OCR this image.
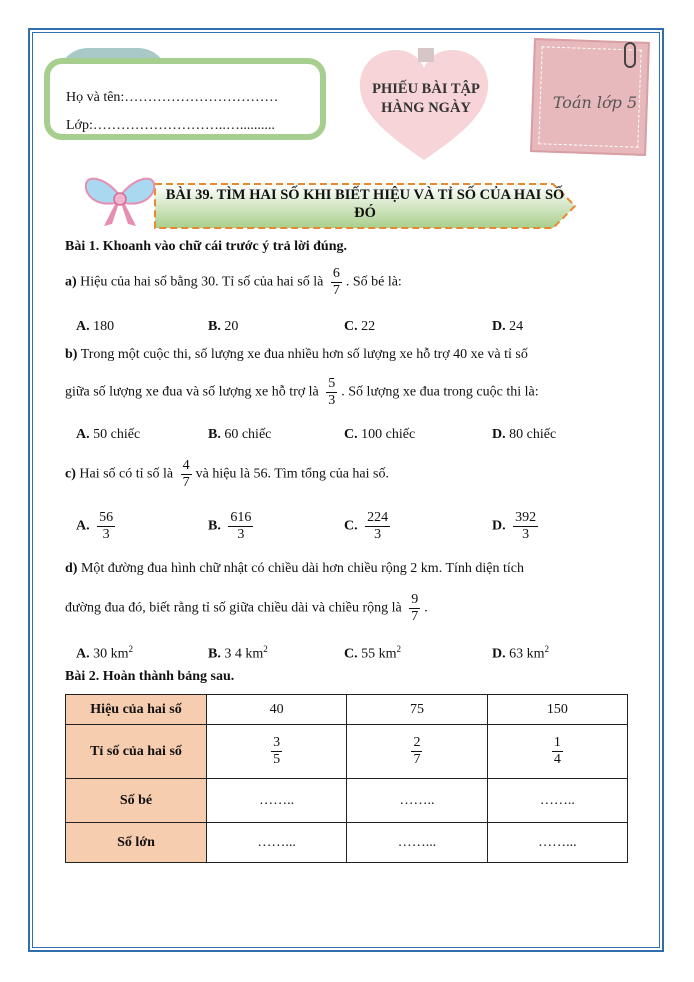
Họ và tên:……………………………
Lớp:………………………..…..........
PHIẾU BÀI TẬP HÀNG NGÀY	Toán lớp 5
BÀI 39. TÌM HAI SỐ KHI BIẾT HIỆU VÀ TỈ SỐ CỦA HAI SỐ ĐÓ
Bài 1. Khoanh vào chữ cái trước ý trả lời đúng.
a) Hiệu của hai số bằng 30. Tỉ số của hai số là $\frac{6}{7}$ . Số bé là:
A. 180	B. 20	C. 22	D. 24
b) Trong một cuộc thi, số lượng xe đua nhiều hơn số lượng xe hỗ trợ 40 xe và tỉ số
giữa số lượng xe đua và số lượng xe hỗ trợ là $\frac{5}{3}$ . Số lượng xe đua trong cuộc thi là:
A. 50 chiếc	B. 60 chiếc	C. 100 chiếc	D. 80 chiếc
c) Hai số có tỉ số là $\frac{4}{7}$ và hiệu là 56. Tìm tổng của hai số.
A. $\frac{56}{3}$	B. $\frac{616}{3}$	C. $\frac{224}{3}$	D. $\frac{392}{3}$
d) Một đường đua hình chữ nhật có chiều dài hơn chiều rộng 2 km. Tính diện tích
đường đua đó, biết rằng tỉ số giữa chiều dài và chiều rộng là $\frac{9}{7}$ .
A. 30 $km^2$	B. 3 4 $km^2$	C. 55 $km^2$	D. 63 $km^2$
Bài 2. Hoàn thành bảng sau.
Hiệu của hai số	40	75	150
Tỉ số của hai số	$\frac{3}{5}$	$\frac{2}{7}$	$\frac{1}{4}$

Số bé	……..	……..	……..
Số lớn	……...	……...	……...
